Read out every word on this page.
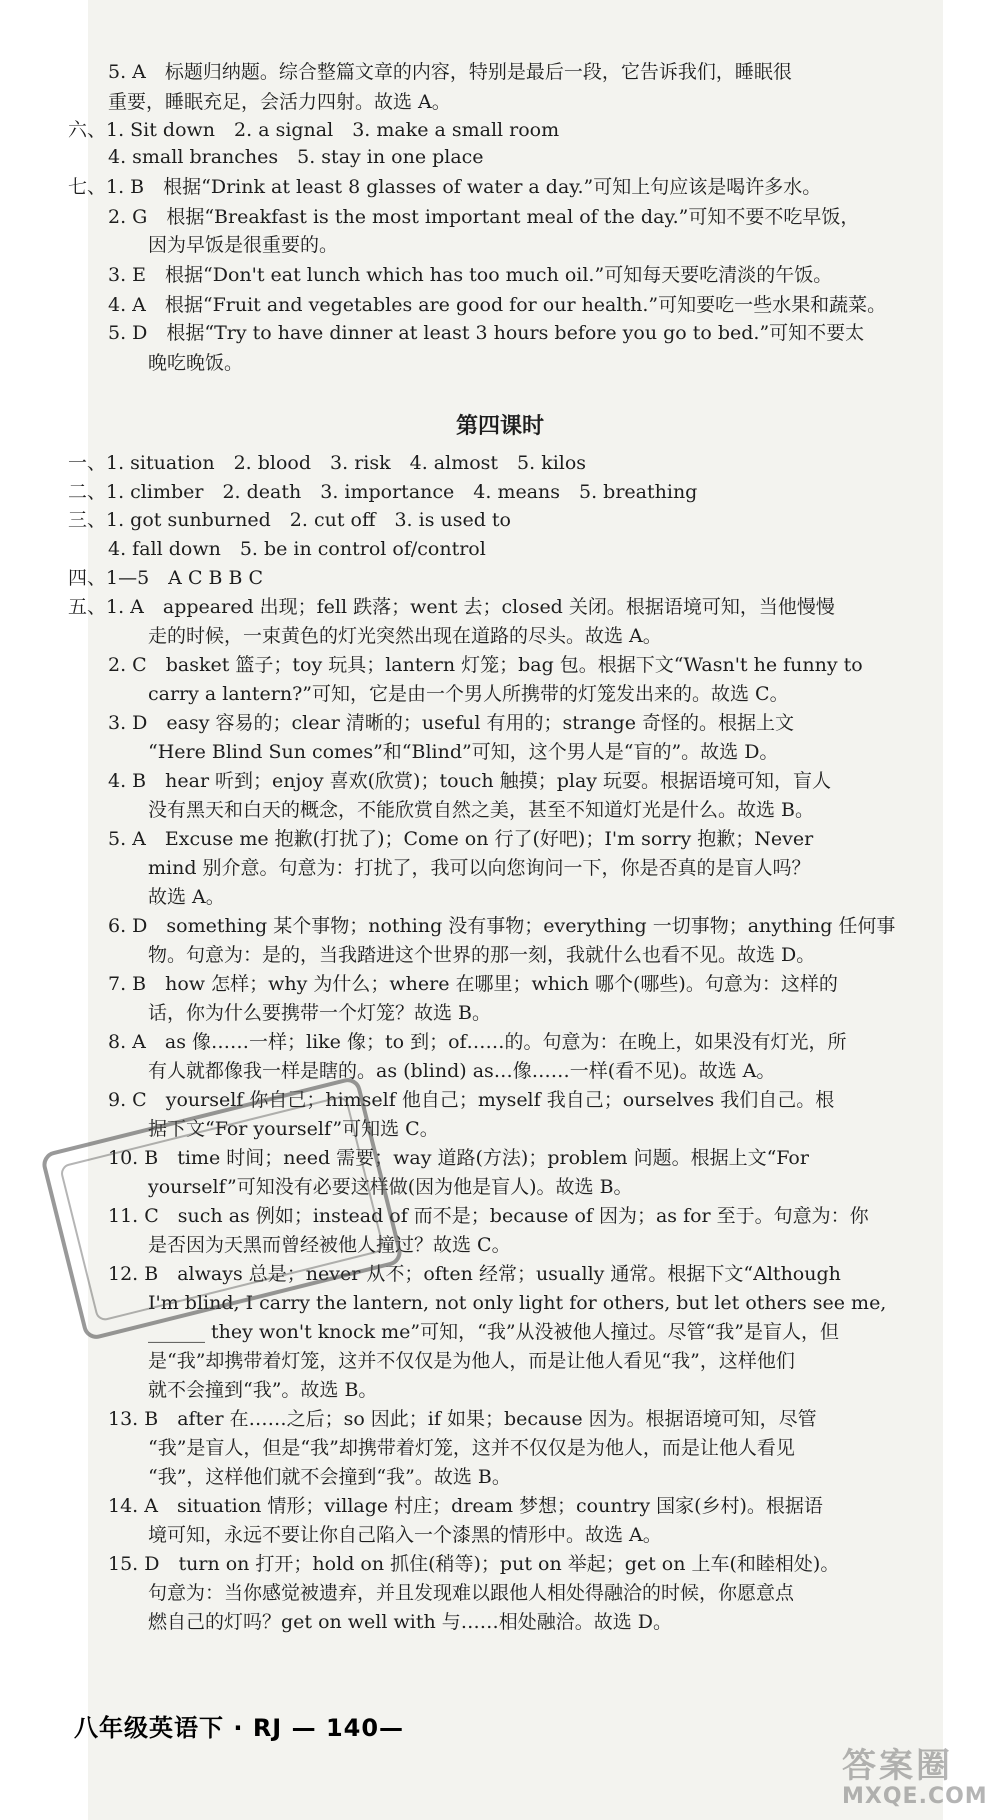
5. A　标题归纳题。综合整篇文章的内容，特别是最后一段，它告诉我们，睡眠很
重要，睡眠充足，会活力四射。故选 A。
六、1. Sit down　2. a signal　3. make a small room
4. small branches　5. stay in one place
七、1. B　根据“Drink at least 8 glasses of water a day.”可知上句应该是喝许多水。
2. G　根据“Breakfast is the most important meal of the day.”可知不要不吃早饭，
因为早饭是很重要的。
3. E　根据“Don't eat lunch which has too much oil.”可知每天要吃清淡的午饭。
4. A　根据“Fruit and vegetables are good for our health.”可知要吃一些水果和蔬菜。
5. D　根据“Try to have dinner at least 3 hours before you go to bed.”可知不要太
晚吃晚饭。
第四课时
一、1. situation　2. blood　3. risk　4. almost　5. kilos
二、1. climber　2. death　3. importance　4. means　5. breathing
三、1. got sunburned　2. cut off　3. is used to
4. fall down　5. be in control of/control
四、1—5　A C B B C
五、1. A　appeared 出现；fell 跌落；went 去；closed 关闭。根据语境可知，当他慢慢
走的时候，一束黄色的灯光突然出现在道路的尽头。故选 A。
2. C　basket 篮子；toy 玩具；lantern 灯笼；bag 包。根据下文“Wasn't he funny to
carry a lantern?”可知，它是由一个男人所携带的灯笼发出来的。故选 C。
3. D　easy 容易的；clear 清晰的；useful 有用的；strange 奇怪的。根据上文
“Here Blind Sun comes”和“Blind”可知，这个男人是“盲的”。故选 D。
4. B　hear 听到；enjoy 喜欢(欣赏)；touch 触摸；play 玩耍。根据语境可知，盲人
没有黑天和白天的概念，不能欣赏自然之美，甚至不知道灯光是什么。故选 B。
5. A　Excuse me 抱歉(打扰了)；Come on 行了(好吧)；I'm sorry 抱歉；Never
mind 别介意。句意为：打扰了，我可以向您询问一下，你是否真的是盲人吗？
故选 A。
6. D　something 某个事物；nothing 没有事物；everything 一切事物；anything 任何事
物。句意为：是的，当我踏进这个世界的那一刻，我就什么也看不见。故选 D。
7. B　how 怎样；why 为什么；where 在哪里；which 哪个(哪些)。句意为：这样的
话，你为什么要携带一个灯笼？故选 B。
8. A　as 像……一样；like 像；to 到；of……的。句意为：在晚上，如果没有灯光，所
有人就都像我一样是瞎的。as (blind) as…像……一样(看不见)。故选 A。
9. C　yourself 你自己；himself 他自己；myself 我自己；ourselves 我们自己。根
据下文“For yourself”可知选 C。
10. B　time 时间；need 需要；way 道路(方法)；problem 问题。根据上文“For
yourself”可知没有必要这样做(因为他是盲人)。故选 B。
11. C　such as 例如；instead of 而不是；because of 因为；as for 至于。句意为：你
是否因为天黑而曾经被他人撞过？故选 C。
12. B　always 总是；never 从不；often 经常；usually 通常。根据下文“Although
I'm blind, I carry the lantern, not only light for others, but let others see me,
______ they won't knock me”可知，“我”从没被他人撞过。尽管“我”是盲人，但
是“我”却携带着灯笼，这并不仅仅是为他人，而是让他人看见“我”，这样他们
就不会撞到“我”。故选 B。
13. B　after 在……之后；so 因此；if 如果；because 因为。根据语境可知，尽管
“我”是盲人，但是“我”却携带着灯笼，这并不仅仅是为他人，而是让他人看见
“我”，这样他们就不会撞到“我”。故选 B。
14. A　situation 情形；village 村庄；dream 梦想；country 国家(乡村)。根据语
境可知，永远不要让你自己陷入一个漆黑的情形中。故选 A。
15. D　turn on 打开；hold on 抓住(稍等)；put on 举起；get on 上车(和睦相处)。
句意为：当你感觉被遗弃，并且发现难以跟他人相处得融洽的时候，你愿意点
燃自己的灯吗？get on well with 与……相处融洽。故选 D。
八年级英语下 · RJ — 140—
答案圈
MXQE.COM
